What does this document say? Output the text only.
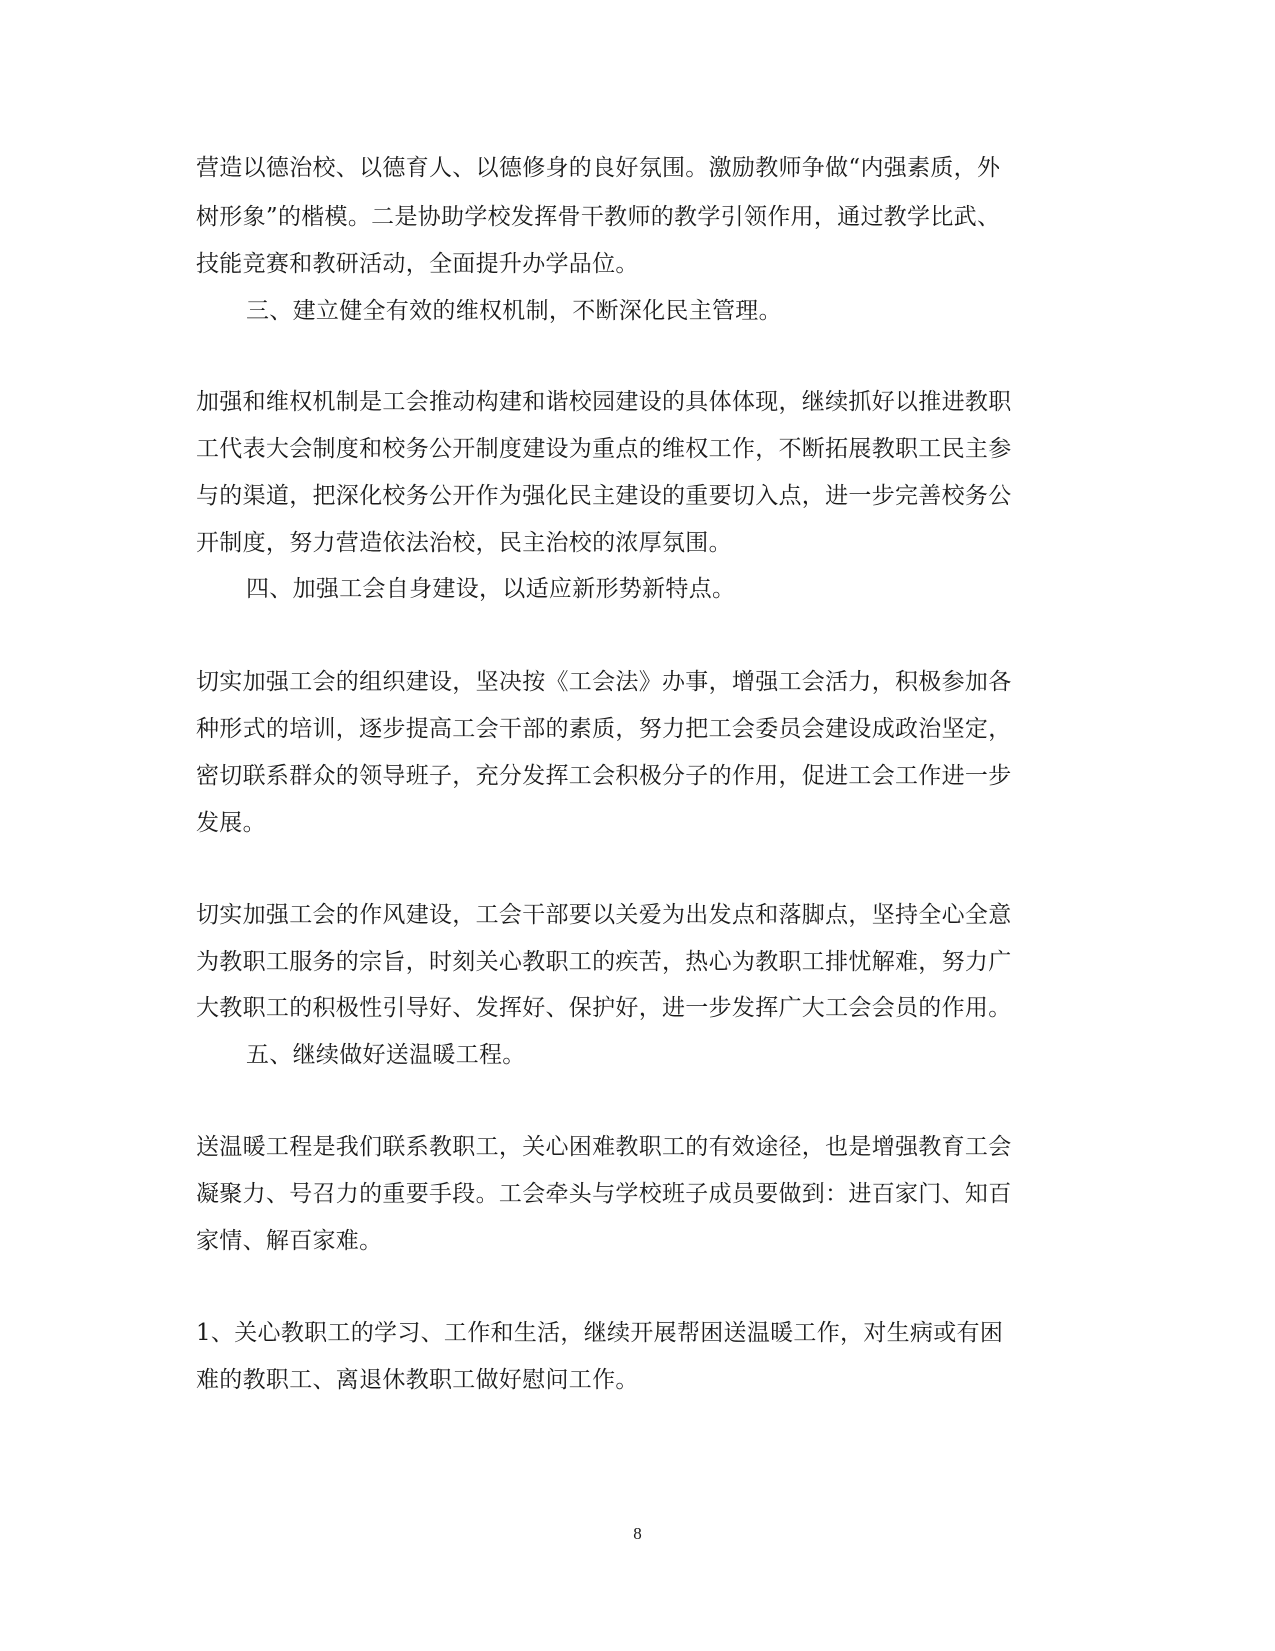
营造以德治校、以德育人、以德修身的良好氛围。激励教师争做“内强素质，外
树形象”的楷模。二是协助学校发挥骨干教师的教学引领作用，通过教学比武、
技能竞赛和教研活动，全面提升办学品位。
三、建立健全有效的维权机制，不断深化民主管理。
加强和维权机制是工会推动构建和谐校园建设的具体体现，继续抓好以推进教职
工代表大会制度和校务公开制度建设为重点的维权工作，不断拓展教职工民主参
与的渠道，把深化校务公开作为强化民主建设的重要切入点，进一步完善校务公
开制度，努力营造依法治校，民主治校的浓厚氛围。
四、加强工会自身建设，以适应新形势新特点。
切实加强工会的组织建设，坚决按《工会法》办事，增强工会活力，积极参加各
种形式的培训，逐步提高工会干部的素质，努力把工会委员会建设成政治坚定，
密切联系群众的领导班子，充分发挥工会积极分子的作用，促进工会工作进一步
发展。
切实加强工会的作风建设，工会干部要以关爱为出发点和落脚点，坚持全心全意
为教职工服务的宗旨，时刻关心教职工的疾苦，热心为教职工排忧解难，努力广
大教职工的积极性引导好、发挥好、保护好，进一步发挥广大工会会员的作用。
五、继续做好送温暖工程。
送温暖工程是我们联系教职工，关心困难教职工的有效途径，也是增强教育工会
凝聚力、号召力的重要手段。工会牵头与学校班子成员要做到：进百家门、知百
家情、解百家难。
1、关心教职工的学习、工作和生活，继续开展帮困送温暖工作，对生病或有困
难的教职工、离退休教职工做好慰问工作。
8
